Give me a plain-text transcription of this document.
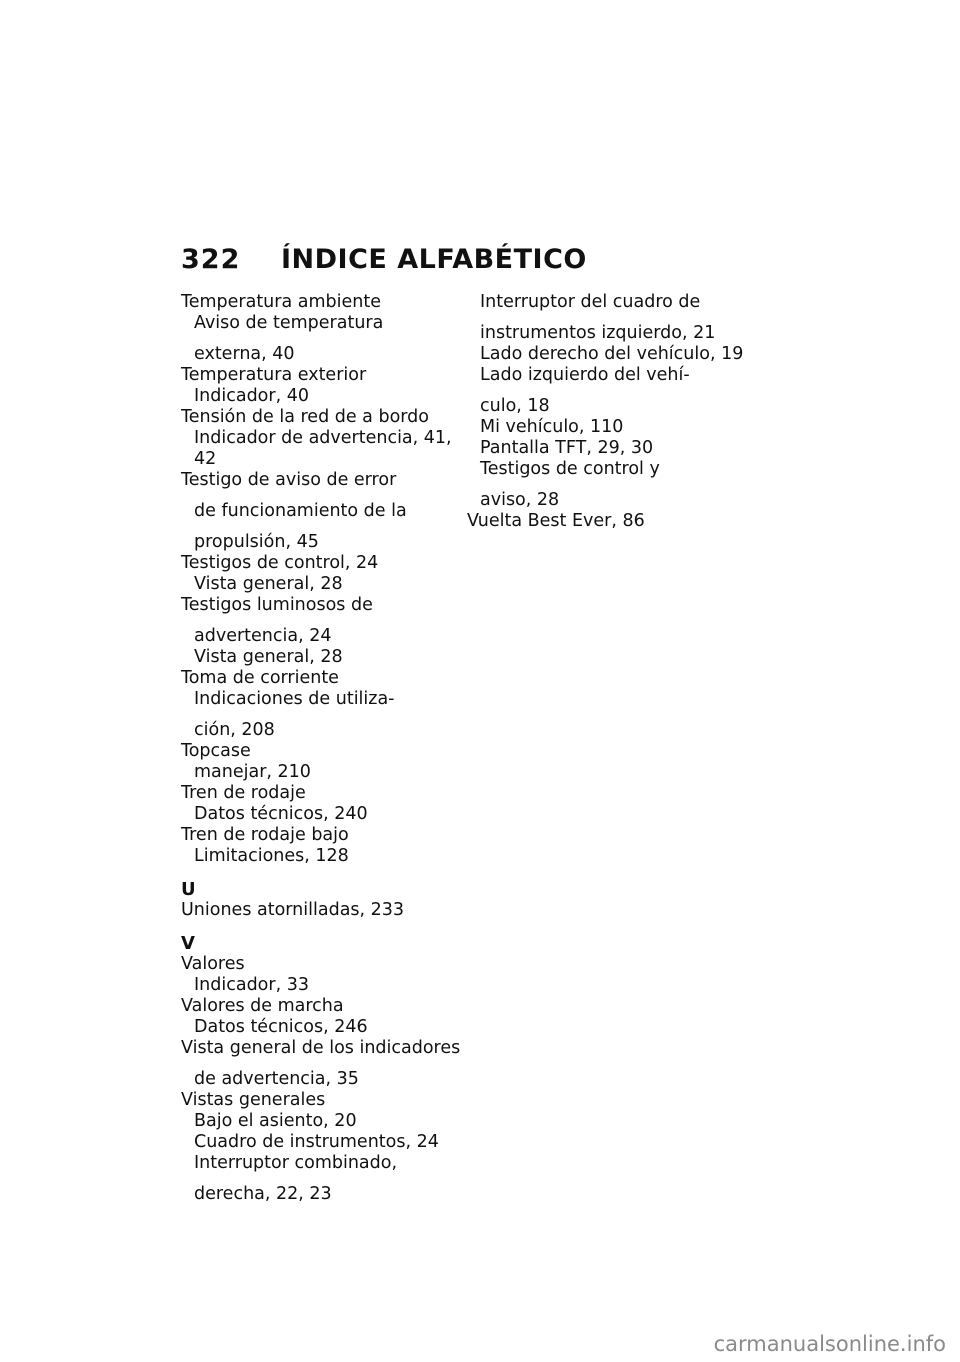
322	ÍNDICE ALFABÉTICO
Temperatura ambiente
Aviso de temperatura
externa, 40
Temperatura exterior
Indicador, 40
Tensión de la red de a bordo
Indicador de advertencia, 41,
42
Testigo de aviso de error
de funcionamiento de la
propulsión, 45
Testigos de control, 24
Vista general, 28
Testigos luminosos de
advertencia, 24
Vista general, 28
Toma de corriente
Indicaciones de utiliza-
ción, 208
Topcase
manejar, 210
Tren de rodaje
Datos técnicos, 240
Tren de rodaje bajo
Limitaciones, 128
U
Uniones atornilladas, 233
V
Valores
Indicador, 33
Valores de marcha
Datos técnicos, 246
Vista general de los indicadores
de advertencia, 35
Vistas generales
Bajo el asiento, 20
Cuadro de instrumentos, 24
Interruptor combinado,
derecha, 22, 23
Interruptor del cuadro de
instrumentos izquierdo, 21
Lado derecho del vehículo, 19
Lado izquierdo del vehí-
culo, 18
Mi vehículo, 110
Pantalla TFT, 29, 30
Testigos de control y
aviso, 28
Vuelta Best Ever, 86
carmanualsonline.info
